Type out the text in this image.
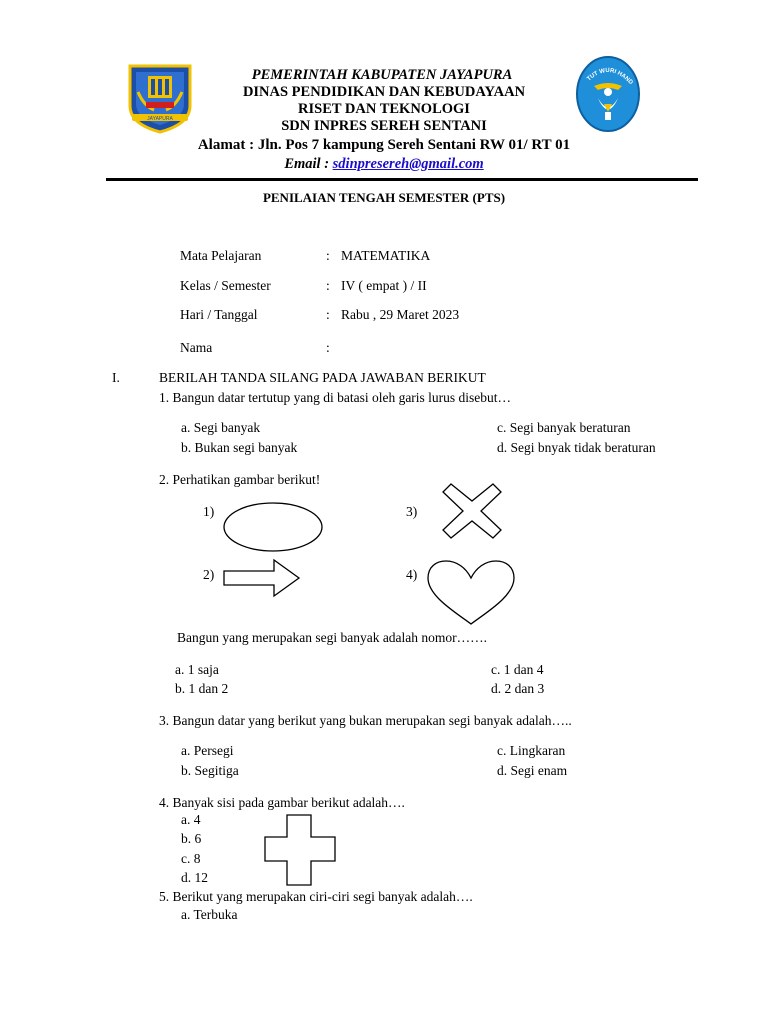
JAYAPURA
TUT WURI HAND
PEMERINTAH KABUPATEN JAYAPURA
DINAS PENDIDIKAN DAN KEBUDAYAAN
RISET DAN TEKNOLOGI
SDN INPRES SEREH SENTANI
Alamat : Jln. Pos 7 kampung Sereh Sentani RW 01/ RT 01
Email : sdinpresereh@gmail.com
PENILAIAN TENGAH SEMESTER (PTS)
Mata Pelajaran	: MATEMATIKA
Kelas / Semester	: IV ( empat ) / II
Hari / Tanggal	: Rabu , 29 Maret 2023
Nama	:
I.	BERILAH TANDA SILANG PADA JAWABAN BERIKUT
1. Bangun datar tertutup yang di batasi oleh garis lurus disebut…
a. Segi banyak
b. Bukan segi banyak
c. Segi banyak beraturan
d. Segi bnyak tidak beraturan
2. Perhatikan gambar berikut!
1)	3)
2)	4)
Bangun yang merupakan segi banyak adalah nomor…….
a. 1 saja
b. 1 dan 2
c. 1 dan 4
d. 2 dan 3
3. Bangun datar yang berikut yang bukan merupakan segi banyak adalah…..
a. Persegi
b. Segitiga
c. Lingkaran
d. Segi enam
4. Banyak sisi pada gambar berikut adalah….
a. 4
b. 6
c. 8
d. 12
5. Berikut yang merupakan ciri-ciri segi banyak adalah….
a. Terbuka
